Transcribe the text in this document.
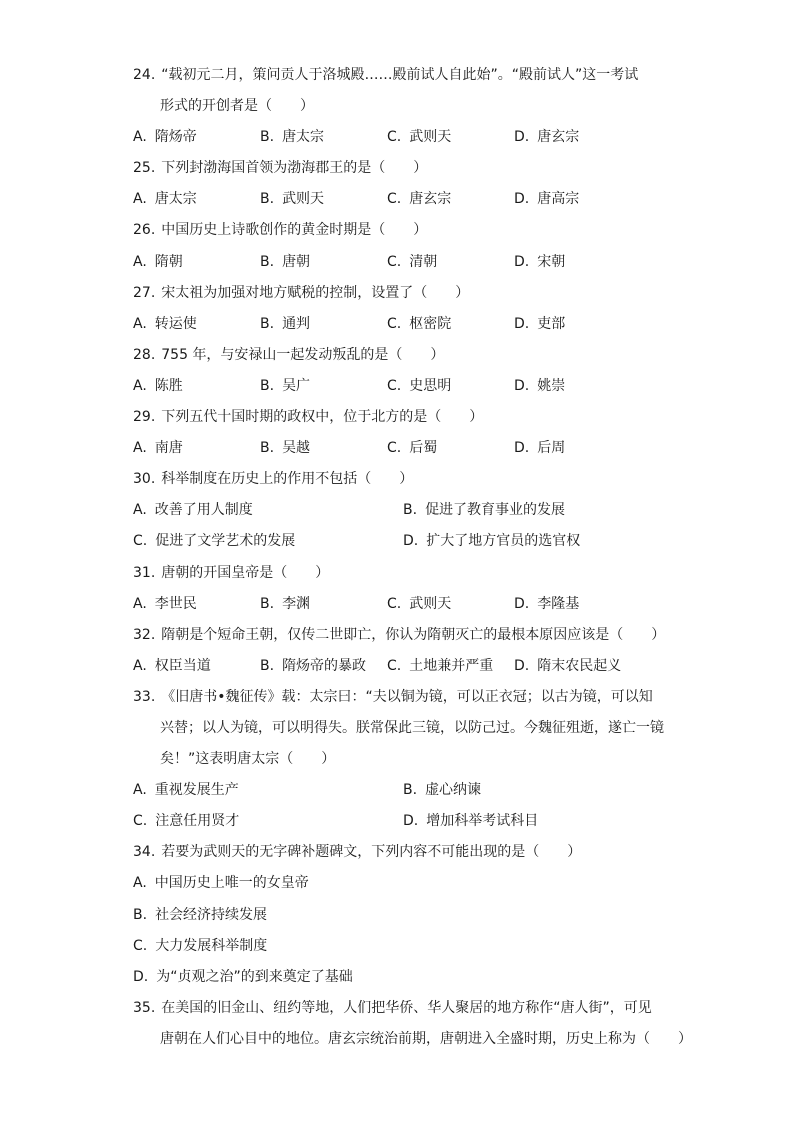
24. “载初元二月，策问贡人于洛城殿……殿前试人自此始”。“殿前试人”这一考试
形式的开创者是（　　）
A. 隋炀帝	B. 唐太宗	C. 武则天	D. 唐玄宗
25. 下列封渤海国首领为渤海郡王的是（　　）
A. 唐太宗	B. 武则天	C. 唐玄宗	D. 唐高宗
26. 中国历史上诗歌创作的黄金时期是（　　）
A. 隋朝	B. 唐朝	C. 清朝	D. 宋朝
27. 宋太祖为加强对地方赋税的控制，设置了（　　）
A. 转运使	B. 通判	C. 枢密院	D. 吏部
28. 755 年，与安禄山一起发动叛乱的是（　　）
A. 陈胜	B. 吴广	C. 史思明	D. 姚崇
29. 下列五代十国时期的政权中，位于北方的是（　　）
A. 南唐	B. 吴越	C. 后蜀	D. 后周
30. 科举制度在历史上的作用不包括（　　）
A. 改善了用人制度	B. 促进了教育事业的发展
C. 促进了文学艺术的发展	D. 扩大了地方官员的选官权
31. 唐朝的开国皇帝是（　　）
A. 李世民	B. 李渊	C. 武则天	D. 李隆基
32. 隋朝是个短命王朝，仅传二世即亡，你认为隋朝灭亡的最根本原因应该是（　　）
A. 权臣当道	B. 隋炀帝的暴政	C. 土地兼并严重	D. 隋末农民起义
33. 《旧唐书•魏征传》载：太宗曰：“夫以铜为镜，可以正衣冠；以古为镜，可以知
兴替；以人为镜，可以明得失。朕常保此三镜，以防己过。今魏征殂逝，遂亡一镜
矣！”这表明唐太宗（　　）
A. 重视发展生产	B. 虚心纳谏
C. 注意任用贤才	D. 增加科举考试科目
34. 若要为武则天的无字碑补题碑文，下列内容不可能出现的是（　　）
A. 中国历史上唯一的女皇帝
B. 社会经济持续发展
C. 大力发展科举制度
D. 为“贞观之治”的到来奠定了基础
35. 在美国的旧金山、纽约等地，人们把华侨、华人聚居的地方称作“唐人街”，可见
唐朝在人们心目中的地位。唐玄宗统治前期，唐朝进入全盛时期，历史上称为（　　）
